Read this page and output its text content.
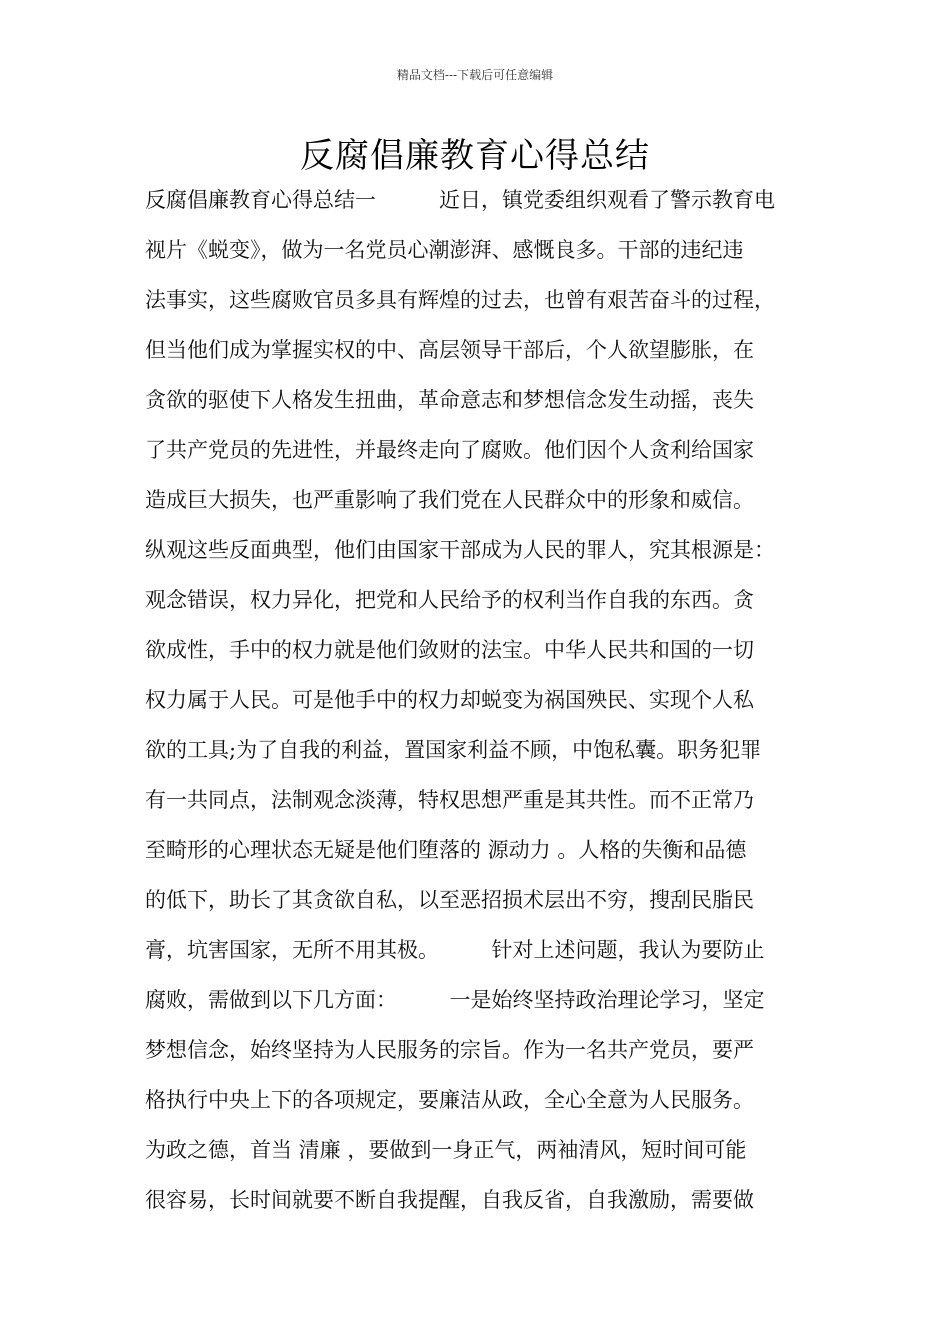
精品文档---下载后可任意编辑
反腐倡廉教育心得总结
反腐倡廉教育心得总结一　　　近日，镇党委组织观看了警示教育电
视片《蜕变》，做为一名党员心潮澎湃、感慨良多。干部的违纪违
法事实，这些腐败官员多具有辉煌的过去，也曾有艰苦奋斗的过程，
但当他们成为掌握实权的中、高层领导干部后，个人欲望膨胀，在
贪欲的驱使下人格发生扭曲，革命意志和梦想信念发生动摇，丧失
了共产党员的先进性，并最终走向了腐败。他们因个人贪利给国家
造成巨大损失，也严重影响了我们党在人民群众中的形象和威信。
纵观这些反面典型，他们由国家干部成为人民的罪人，究其根源是：
观念错误，权力异化，把党和人民给予的权利当作自我的东西。贪
欲成性，手中的权力就是他们敛财的法宝。中华人民共和国的一切
权力属于人民。可是他手中的权力却蜕变为祸国殃民、实现个人私
欲的工具;为了自我的利益，置国家利益不顾，中饱私囊。职务犯罪
有一共同点，法制观念淡薄，特权思想严重是其共性。而不正常乃
至畸形的心理状态无疑是他们堕落的 源动力 。人格的失衡和品德
的低下，助长了其贪欲自私，以至恶招损术层出不穷，搜刮民脂民
膏，坑害国家，无所不用其极。　　　针对上述问题，我认为要防止
腐败，需做到以下几方面：　　　一是始终坚持政治理论学习，坚定
梦想信念，始终坚持为人民服务的宗旨。作为一名共产党员，要严
格执行中央上下的各项规定，要廉洁从政，全心全意为人民服务。
为政之德，首当 清廉 ，要做到一身正气，两袖清风，短时间可能
很容易，长时间就要不断自我提醒，自我反省，自我激励，需要做
